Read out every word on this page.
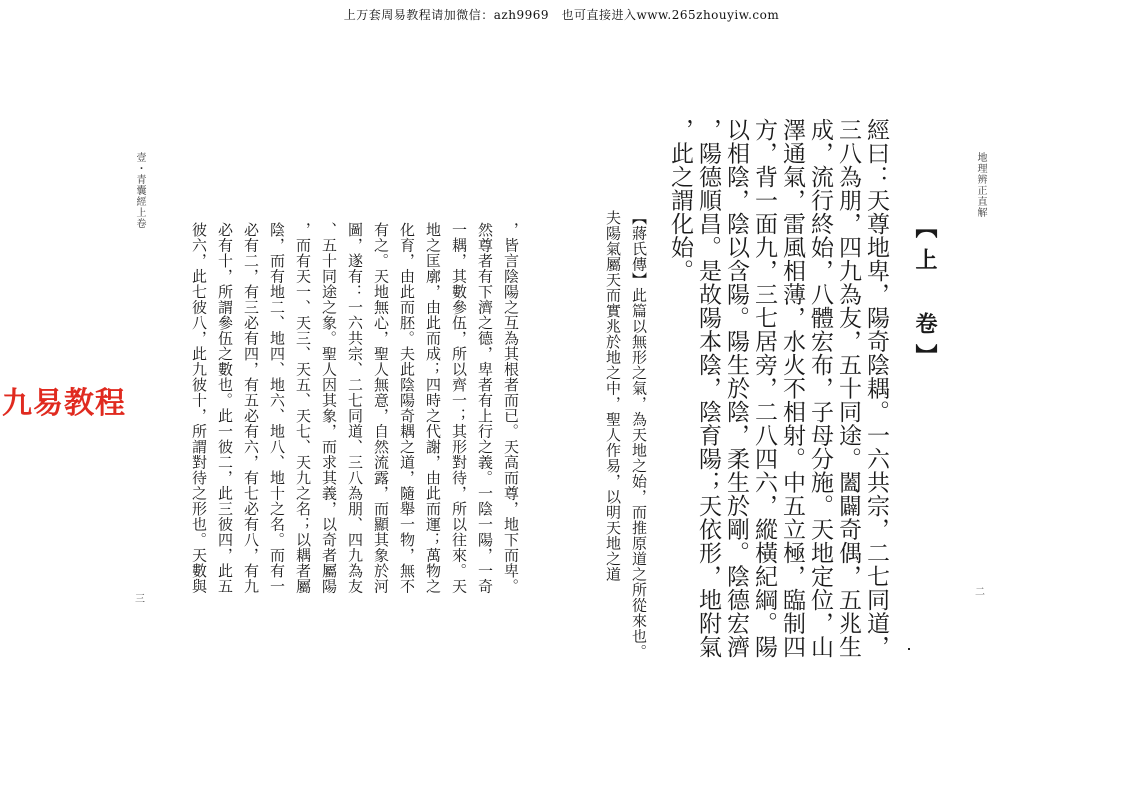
上万套周易教程请加微信：azh9969　也可直接进入www.265zhouyiw.com
九易教程
地理辨正直解
二
【上　卷】
經曰：天尊地卑，陽奇陰耦。一六共宗，二七同道，
三八為朋，四九為友，五十同途。闔闢奇偶，五兆生
成，流行終始，八體宏布，子母分施。天地定位，山
澤通氣，雷風相薄，水火不相射。中五立極，臨制四
方，背一面九，三七居旁，二八四六，縱橫紀綱。陽
以相陰，陰以含陽。陽生於陰，柔生於剛。陰德宏濟
，陽德順昌。是故陽本陰，陰育陽；天依形，地附氣
，此之謂化始。
【蔣氏傳】此篇以無形之氣，為天地之始，而推原道之所從來也。
夫陽氣屬天而實兆於地之中，聖人作易，以明天地之道
，皆言陰陽之互為其根者而已。天高而尊，地下而卑。
然尊者有下濟之德，卑者有上行之義。一陰一陽，一奇
一耦，其數參伍，所以齊一；其形對待，所以往來。天
地之匡廓，由此而成；四時之代謝，由此而運；萬物之
化育，由此而胚。夫此陰陽奇耦之道，隨舉一物，無不
有之。天地無心，聖人無意，自然流露，而顯其象於河
圖，遂有：一六共宗、二七同道、三八為朋、四九為友
、五十同途之象。聖人因其象，而求其義，以奇者屬陽
，而有天一、天三、天五、天七、天九之名；以耦者屬
陰，而有地二、地四、地六、地八、地十之名。而有一
必有二，有三必有四，有五必有六，有七必有八，有九
必有十，所謂參伍之數也。此一彼二，此三彼四，此五
彼六，此七彼八，此九彼十，所謂對待之形也。天數與
壹・青囊經上卷
三
